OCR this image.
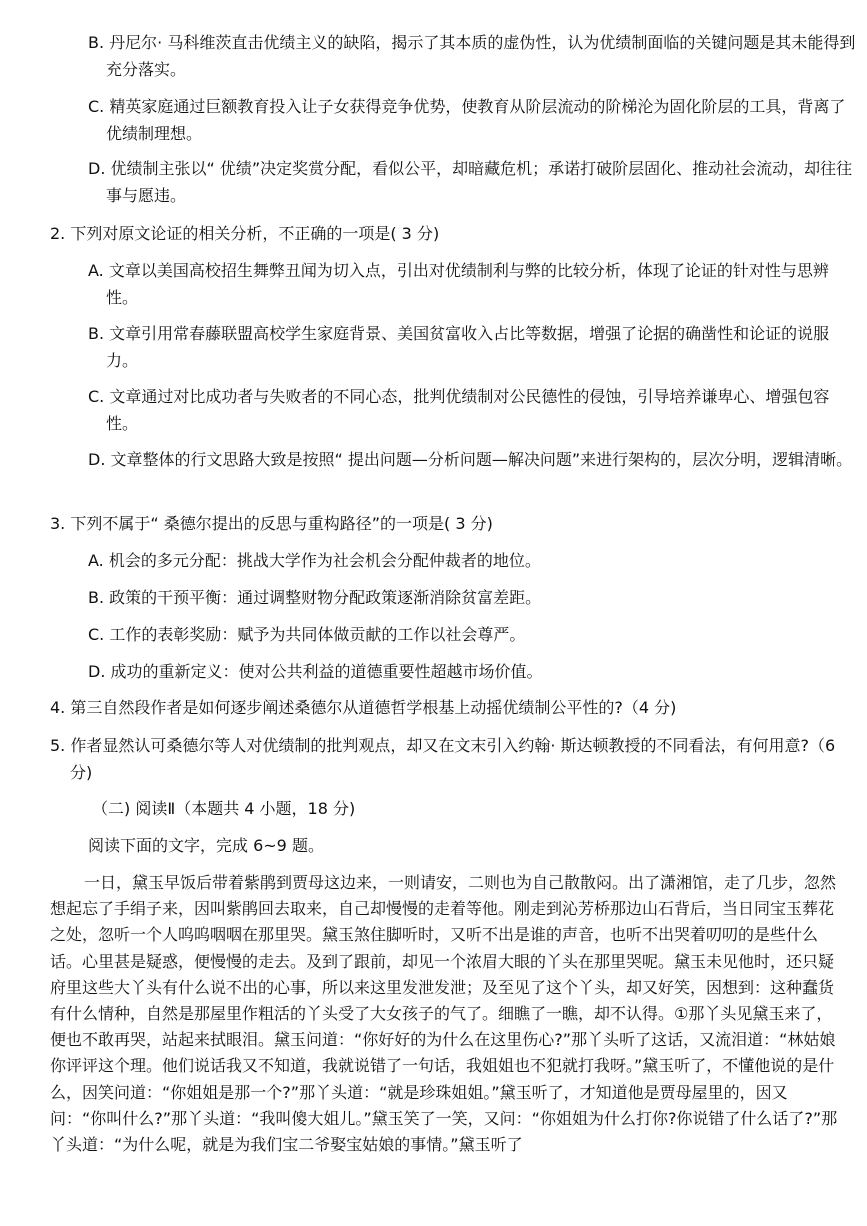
B. 丹尼尔· 马科维茨直击优绩主义的缺陷，揭示了其本质的虚伪性，认为优绩制面临的关键问题是其未能得到充分落实。
C. 精英家庭通过巨额教育投入让子女获得竞争优势，使教育从阶层流动的阶梯沦为固化阶层的工具，背离了优绩制理想。
D. 优绩制主张以“ 优绩”决定奖赏分配，看似公平，却暗藏危机；承诺打破阶层固化、推动社会流动，却往往事与愿违。
2. 下列对原文论证的相关分析，不正确的一项是( 3 分)
A. 文章以美国高校招生舞弊丑闻为切入点，引出对优绩制利与弊的比较分析，体现了论证的针对性与思辨性。
B. 文章引用常春藤联盟高校学生家庭背景、美国贫富收入占比等数据，增强了论据的确凿性和论证的说服力。
C. 文章通过对比成功者与失败者的不同心态，批判优绩制对公民德性的侵蚀，引导培养谦卑心、增强包容性。
D. 文章整体的行文思路大致是按照“ 提出问题—分析问题—解决问题”来进行架构的，层次分明，逻辑清晰。
3. 下列不属于“ 桑德尔提出的反思与重构路径”的一项是( 3 分)
A. 机会的多元分配：挑战大学作为社会机会分配仲裁者的地位。
B. 政策的干预平衡：通过调整财物分配政策逐渐消除贫富差距。
C. 工作的表彰奖励：赋予为共同体做贡献的工作以社会尊严。
D. 成功的重新定义：使对公共利益的道德重要性超越市场价值。
4. 第三自然段作者是如何逐步阐述桑德尔从道德哲学根基上动摇优绩制公平性的?（4 分)
5. 作者显然认可桑德尔等人对优绩制的批判观点，却又在文末引入约翰· 斯达顿教授的不同看法，有何用意?（6 分)
（二) 阅读Ⅱ（本题共 4 小题，18 分)
阅读下面的文字，完成 6~9 题。
一日，黛玉早饭后带着紫鹃到贾母这边来，一则请安，二则也为自己散散闷。出了潇湘馆，走了几步，忽然想起忘了手绢子来，因叫紫鹃回去取来，自己却慢慢的走着等他。刚走到沁芳桥那边山石背后，当日同宝玉葬花之处，忽听一个人呜呜咽咽在那里哭。黛玉煞住脚听时，又听不出是谁的声音，也听不出哭着叨叨的是些什么话。心里甚是疑惑，便慢慢的走去。及到了跟前，却见一个浓眉大眼的丫头在那里哭呢。黛玉未见他时，还只疑府里这些大丫头有什么说不出的心事，所以来这里发泄发泄；及至见了这个丫头，却又好笑，因想到：这种蠢货有什么情种，自然是那屋里作粗活的丫头受了大女孩子的气了。细瞧了一瞧，却不认得。①那丫头见黛玉来了，便也不敢再哭，站起来拭眼泪。黛玉问道：“你好好的为什么在这里伤心?”那丫头听了这话，又流泪道：“林姑娘你评评这个理。他们说话我又不知道，我就说错了一句话，我姐姐也不犯就打我呀。”黛玉听了，不懂他说的是什么，因笑问道：“你姐姐是那一个?”那丫头道：“就是珍珠姐姐。”黛玉听了，才知道他是贾母屋里的，因又问：“你叫什么?”那丫头道：“我叫傻大姐儿。”黛玉笑了一笑，又问：“你姐姐为什么打你?你说错了什么话了?”那丫头道：“为什么呢，就是为我们宝二爷娶宝姑娘的事情。”黛玉听了
